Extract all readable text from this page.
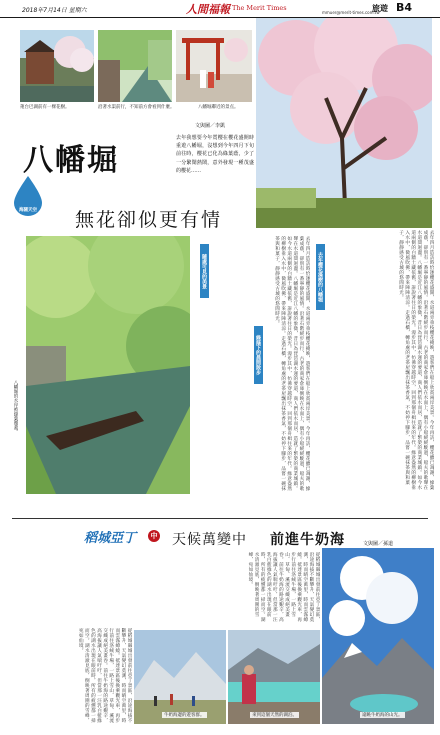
2018年7月14日 星期六	人間福報 The Merit Times
mmuer@merit-times.com.tw
旅遊 B4
蓮台巴湖前有一棵花樹。	沿著水渠前行，不知前方會看到什麼。	八幡堀鄰近的景点。
八幡堀
海闊天空 無花卻似更有情
文與圖／李凱
去年我想要今年賞櫻在櫻花盛開時重遊八幡堀，沒想到今年四月下旬前往時，櫻花已化為綠葉蔭，少了一分繁鬧熱鬧，意外發現一種茂盛的櫻花……
八幡堀的水岸被綠葉覆蓋。	去年四月造訪時恰逢櫻花盛開，水道兩旁垂枝櫻花掩映，遊客們在船上欣賞兩岸美景。今年再訪，櫻花雖已凋謝，綠葉成蔭，卻別有一番寧靜的風情。沿著石階緩步而行，古老的商家倉庫倒映在水面上，偶有小船緩緩駛過，船夫的歌聲在水道間迴盪。八幡堀是近江八幡的象徵，昔日為琵琶湖水運的要道，商人們依水而居，造就了繁榮的商業城鎮。如今水道兩側的白牆土藏依舊，訴說著往日的榮光。漫步其中，彷彿穿越時空，回到那個舟楫往來的年代。綠意盎然的柳樹垂入水中，微風吹拂，帶來陣陣清涼。走過石橋，轉角處的老茶屋飄出抹茶香氣，不妨停下腳步，品嘗一碗抹茶與和菓子，靜靜感受古城的悠閒時光。
隨處可見的美景
綠蔭下的晨間散步	去年四月造訪時恰逢櫻花盛開，水道兩旁垂枝櫻花掩映，遊客們在船上欣賞兩岸美景。今年再訪，櫻花雖已凋謝，綠葉成蔭，卻別有一番寧靜的風情。沿著石階緩步而行，古老的商家倉庫倒映在水面上，偶有小船緩緩駛過，船夫的歌聲在水道間迴盪。八幡堀是近江八幡的象徵，昔日為琵琶湖水運的要道，商人們依水而居，造就了繁榮的商業城鎮。如今水道兩側的白牆土藏依舊，訴說著往日的榮光。漫步其中，彷彿穿越時空，回到那個舟楫往來的年代。綠意盎然的柳樹垂入水中，微風吹拂，帶來陣陣清涼。走過石橋，轉角處的老茶屋飄出抹茶香氣，不妨停下腳步，品嘗一碗抹茶與和菓子，靜靜感受古城的悠閒時光。
去年櫻花滿樹的八幡堀
稻城亞丁	中 天候萬變中 前進牛奶海	文與圖／孫道
從稻城縣城出發前往亞丁景區，沿途海拔不斷攀升，天氣變幻莫測，時而晴空萬里，時而雲霧繚繞。抵達景區後換乘觀光車，再步行前往洛絨牛場，一路上雪山、草甸、溪流交織成絕美畫卷。前往牛奶海的路途艱辛，高海拔讓人氣喘吁吁，但當那一汪乳白藍綠色的湖水出現在眼前時，所有的疲憊都一掃而空。湖水清澈見底，倒映著周圍的雪峰，宛如仙境。
從稻城縣城出發前往亞丁景區，沿途海拔不斷攀升，天氣變幻莫測，時而晴空萬里，時而雲霧繚繞。抵達景區後換乘觀光車，再步行前往洛絨牛場，一路上雪山、草甸、溪流交織成絕美畫卷。前往牛奶海的路途艱辛，高海拔讓人氣喘吁吁，但當那一汪乳白藍綠色的湖水出現在眼前時，所有的疲憊都一掃而空。湖水清澈見底，倒映著周圍的雪峰，宛如仙境。
遠眺牛奶海的山光。
牛奶海邊的遊客群。	來到這個天然的湖泊。
